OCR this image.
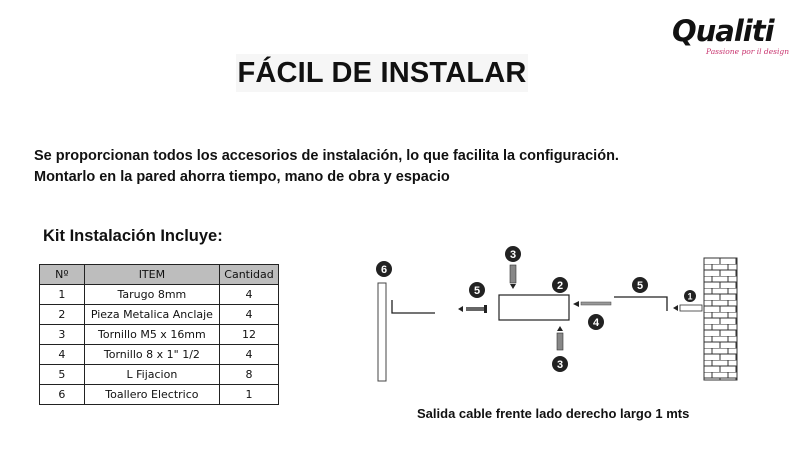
Qualiti
Passione por il design
FÁCIL DE INSTALAR
Se proporcionan todos los accesorios de instalación, lo que facilita la configuración.
Montarlo en la pared ahorra tiempo, mano de obra y espacio
Kit Instalación Incluye:
Nº	ITEM	Cantidad
1	Tarugo 8mm	4
2	Pieza Metalica Anclaje	4
3	Tornillo M5 x 16mm	12
4	Tornillo 8 x 1" 1/2	4
5	L Fijacion	8
6	Toallero Electrico	1
6
5
3
2
3
4
5
1
Salida cable frente lado derecho largo 1 mts
